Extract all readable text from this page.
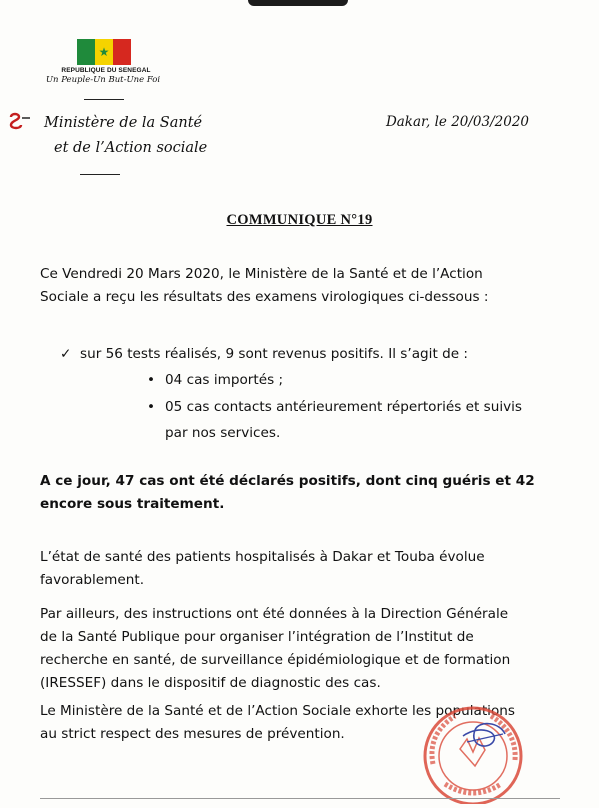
★
REPUBLIQUE DU SENEGAL
Un Peuple-Un But-Une Foi
Ministère de la Santé
et de l’Action sociale
Dakar, le 20/03/2020
COMMUNIQUE N°19
Ce Vendredi 20 Mars 2020, le Ministère de la Santé et de l’Action
Sociale a reçu les résultats des examens virologiques ci-dessous :
✓ sur 56 tests réalisés, 9 sont revenus positifs. Il s’agit de :
• 04 cas importés ;
• 05 cas contacts antérieurement répertoriés et suivis
par nos services.
A ce jour, 47 cas ont été déclarés positifs, dont cinq guéris et 42
encore sous traitement.
L’état de santé des patients hospitalisés à Dakar et Touba évolue
favorablement.
Par ailleurs, des instructions ont été données à la Direction Générale
de la Santé Publique pour organiser l’intégration de l’Institut de
recherche en santé, de surveillance épidémiologique et de formation
(IRESSEF) dans le dispositif de diagnostic des cas.
Le Ministère de la Santé et de l’Action Sociale exhorte les populations
au strict respect des mesures de prévention.
